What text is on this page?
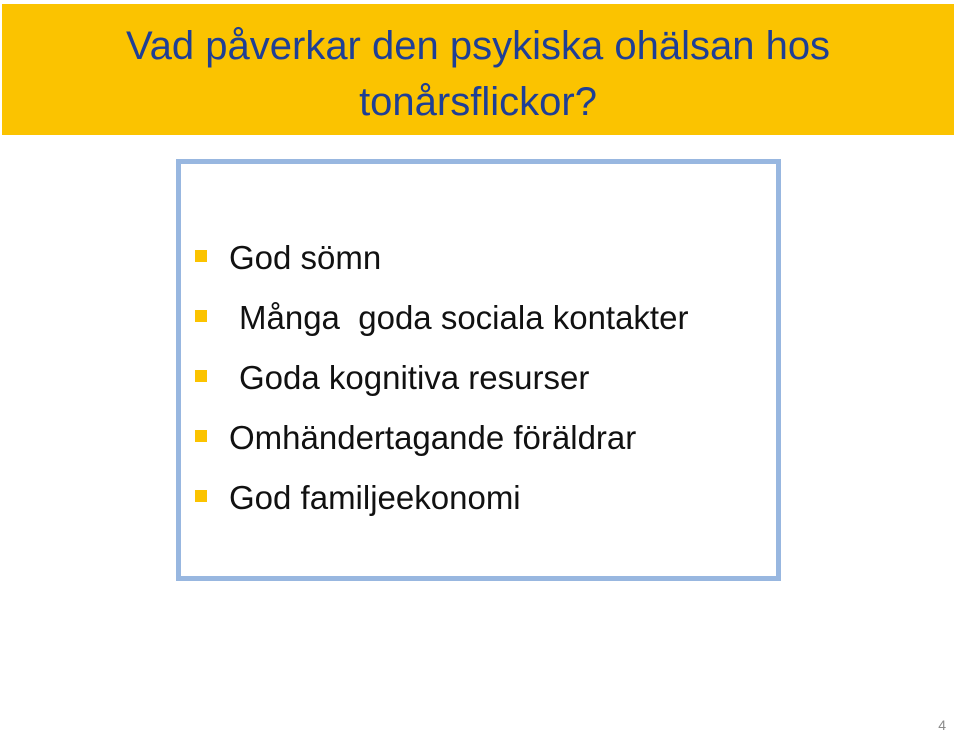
Vad påverkar den psykiska ohälsan hos tonårsflickor?
God sömn
Många  goda sociala kontakter
Goda kognitiva resurser
Omhändertagande föräldrar
God familjeekonomi
4
